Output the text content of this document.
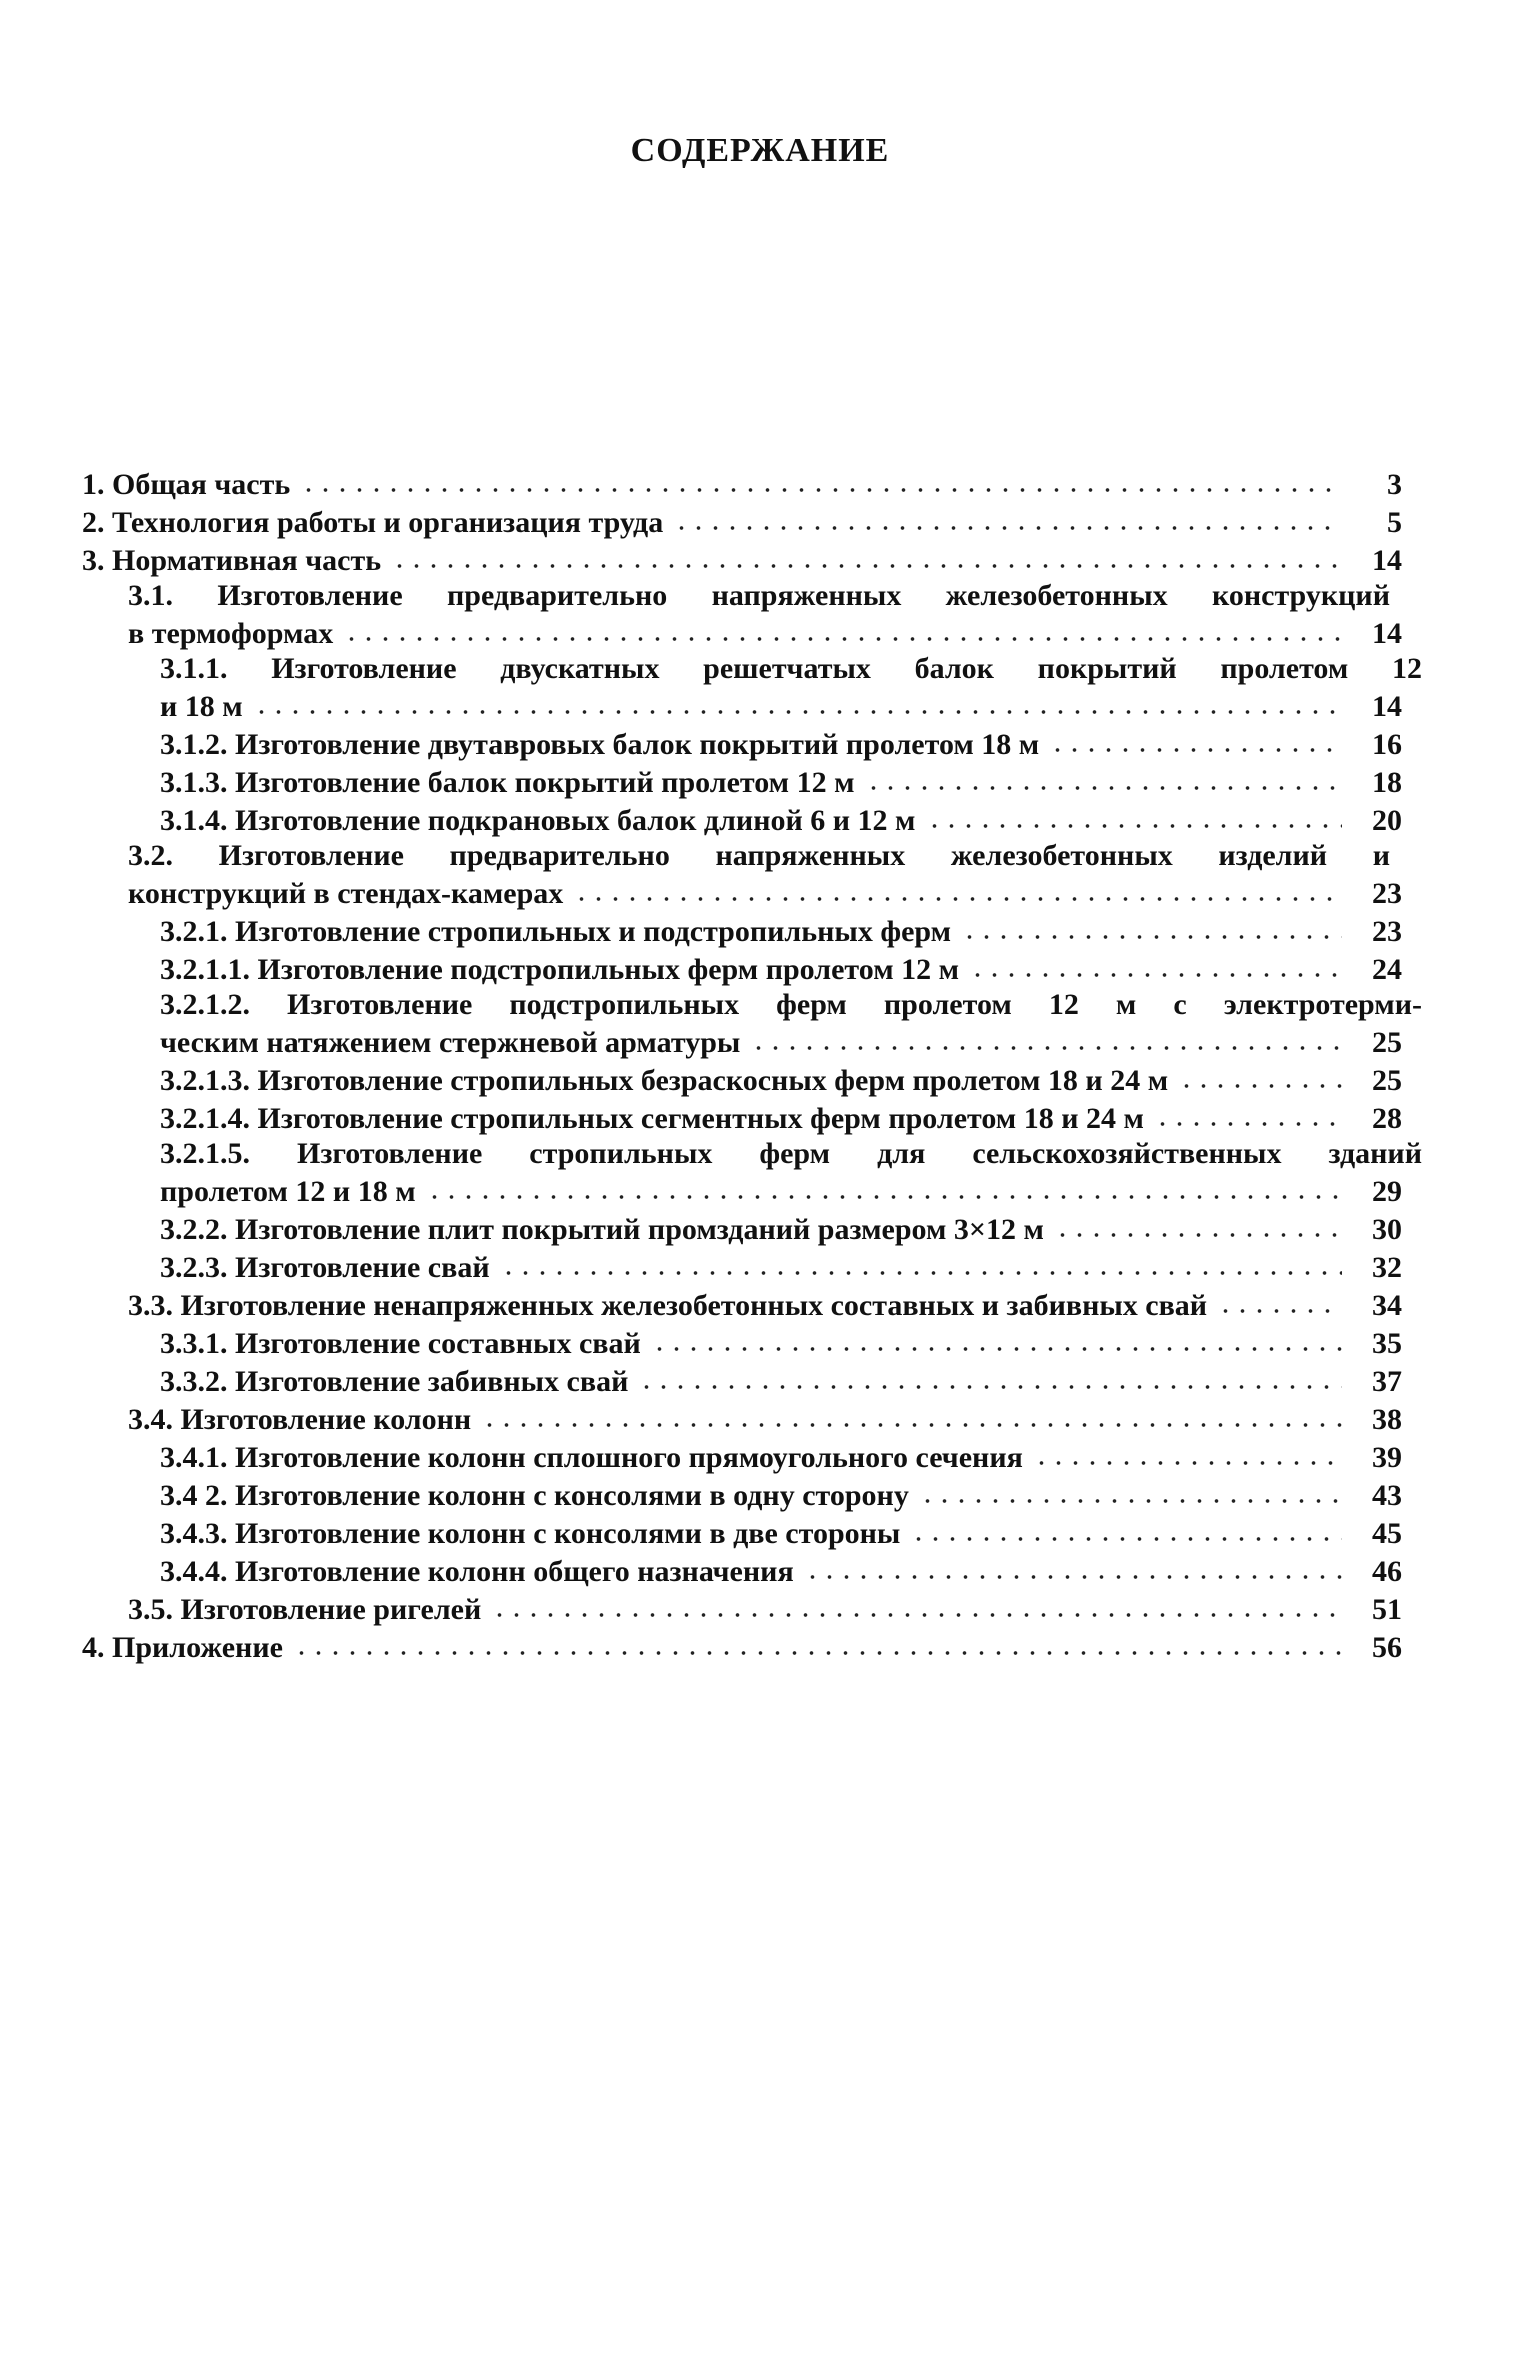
СОДЕРЖАНИЕ
1. Общая часть	3
2. Технология работы и организация труда	5
3. Нормативная часть	14
3.1. Изготовление предварительно напряженных железобетонных конструкций
в термоформах	14
3.1.1. Изготовление двускатных решетчатых балок покрытий пролетом 12
и 18 м	14
3.1.2. Изготовление двутавровых балок покрытий пролетом 18 м	16
3.1.3. Изготовление балок покрытий пролетом 12 м	18
3.1.4. Изготовление подкрановых балок длиной 6 и 12 м	20
3.2. Изготовление предварительно напряженных железобетонных изделий и
конструкций в стендах-камерах	23
3.2.1. Изготовление стропильных и подстропильных ферм	23
3.2.1.1. Изготовление подстропильных ферм пролетом 12 м	24
3.2.1.2. Изготовление подстропильных ферм пролетом 12 м с электротерми-
ческим натяжением стержневой арматуры	25
3.2.1.3. Изготовление стропильных безраскосных ферм пролетом 18 и 24 м	25
3.2.1.4. Изготовление стропильных сегментных ферм пролетом 18 и 24 м	28
3.2.1.5. Изготовление стропильных ферм для сельскохозяйственных зданий
пролетом 12 и 18 м	29
3.2.2. Изготовление плит покрытий промзданий размером 3×12 м	30
3.2.3. Изготовление свай	32
3.3. Изготовление ненапряженных железобетонных составных и забивных свай	34
3.3.1. Изготовление составных свай	35
3.3.2. Изготовление забивных свай	37
3.4. Изготовление колонн	38
3.4.1. Изготовление колонн сплошного прямоугольного сечения	39
3.4 2. Изготовление колонн с консолями в одну сторону	43
3.4.3. Изготовление колонн с консолями в две стороны	45
3.4.4. Изготовление колонн общего назначения	46
3.5. Изготовление ригелей	51
4. Приложение	56
